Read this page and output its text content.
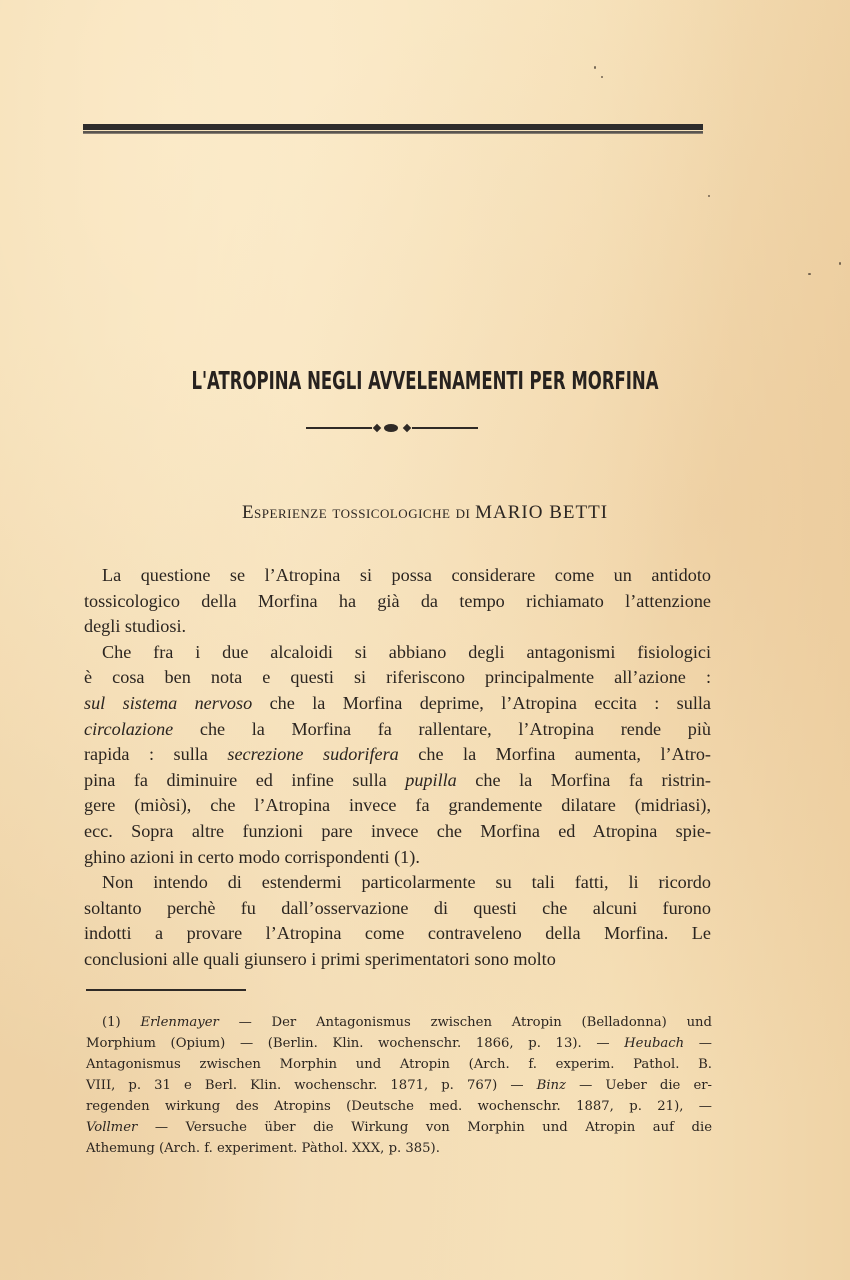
L'ATROPINA NEGLI AVVELENAMENTI PER MORFINA
Esperienze tossicologiche di MARIO BETTI
La questione se l’Atropina si possa considerare come un antidoto
tossicologico della Morfina ha già da tempo richiamato l’attenzione
degli studiosi.
Che fra i due alcaloidi si abbiano degli antagonismi fisiologici
è cosa ben nota e questi si riferiscono principalmente all’azione :
sul sistema nervoso che la Morfina deprime, l’Atropina eccita : sulla
circolazione che la Morfina fa rallentare, l’Atropina rende più
rapida : sulla secrezione sudorifera che la Morfina aumenta, l’Atro-
pina fa diminuire ed infine sulla pupilla che la Morfina fa ristrin-
gere (miòsi), che l’Atropina invece fa grandemente dilatare (midriasi),
ecc. Sopra altre funzioni pare invece che Morfina ed Atropina spie-
ghino azioni in certo modo corrispondenti (1).
Non intendo di estendermi particolarmente su tali fatti, li ricordo
soltanto perchè fu dall’osservazione di questi che alcuni furono
indotti a provare l’Atropina come contraveleno della Morfina. Le
conclusioni alle quali giunsero i primi sperimentatori sono molto
(1) Erlenmayer — Der Antagonismus zwischen Atropin (Belladonna) und
Morphium (Opium) — (Berlin. Klin. wochenschr. 1866, p. 13). — Heubach —
Antagonismus zwischen Morphin und Atropin (Arch. f. experim. Pathol. B.
VIII, p. 31 e Berl. Klin. wochenschr. 1871, p. 767) — Binz — Ueber die er-
regenden wirkung des Atropins (Deutsche med. wochenschr. 1887, p. 21), —
Vollmer — Versuche über die Wirkung von Morphin und Atropin auf die
Athemung (Arch. f. experiment. Pàthol. XXX, p. 385).
